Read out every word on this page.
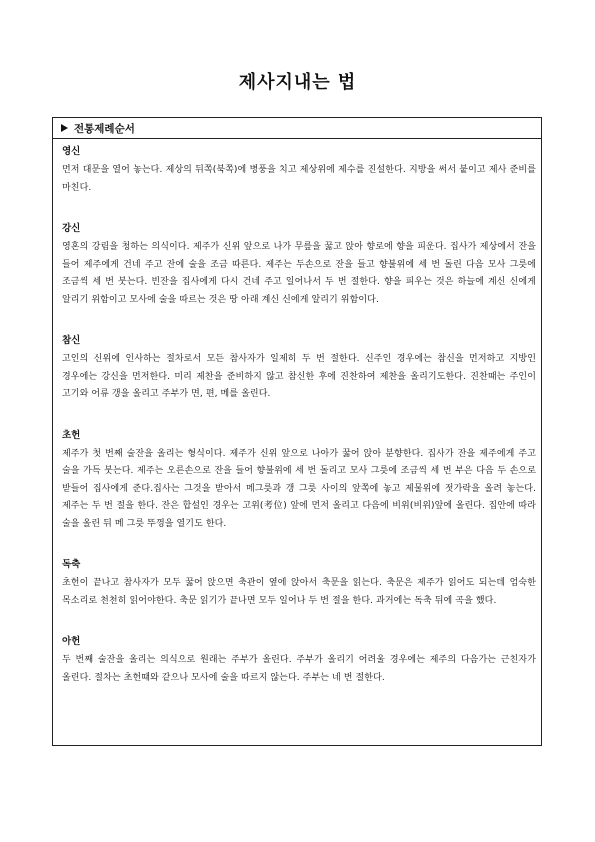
제사지내는 법
전통제례순서
영신

먼저 대문을 열어 놓는다. 제상의 뒤쪽(북쪽)에 병풍을 치고 제상위에 제수를 진설한다. 지방을 써서 붙이고 제사 준비를 마친다.

강신

영혼의 강림을 청하는 의식이다. 제주가 신위 앞으로 나가 무릎을 꿇고 앉아 향로에 향을 피운다. 집사가 제상에서 잔을 들어 제주에게 건네 주고 잔에 술을 조금 따른다. 제주는 두손으로 잔을 들고 향불위에 세 번 돌린 다음 모사 그릇에 조금씩 세 번 붓는다. 빈잔을 집사에게 다시 건네 주고 일어나서 두 번 절한다. 향을 피우는 것은 하늘에 계신 신에게 알리기 위함이고 모사에 술을 따르는 것은 땅 아래 계신 신에게 알리기 위함이다.

참신

고인의 신위에 인사하는 절차로서 모든 참사자가 일제히 두 번 절한다. 신주인 경우에는 참신을 먼저하고 지방인 경우에는 강신을 먼저한다. 미리 제찬을 준비하지 않고 참신한 후에 진찬하여 제찬을 올리기도한다. 진찬때는 주인이 고기와 어류 갱을 올리고 주부가 면, 편, 메를 올린다.

초헌

제주가 첫 번째 술잔을 올리는 형식이다. 제주가 신위 앞으로 나아가 꿇어 앉아 분향한다. 집사가 잔을 제주에게 주고 술을 가득 붓는다. 제주는 오른손으로 잔을 들어 향불위에 세 번 돌리고 모사 그릇에 조금씩 세 번 부은 다음 두 손으로 받들어 집사에게 준다.집사는 그것을 받아서 메그릇과 갱 그릇 사이의 앞쪽에 놓고 제물위에 젓가락을 올려 놓는다. 제주는 두 번 절을 한다. 잔은 합설인 경우는 고위(考位) 앞에 먼저 올리고 다음에 비위(비위)앞에 올린다. 집안에 따라 술을 올린 뒤 메 그릇 뚜껑을 열기도 한다.

독축

초헌이 끝나고 참사자가 모두 꿇어 앉으면 축관이 옆에 앉아서 축문을 읽는다. 축문은 제주가 읽어도 되는데 엄숙한 목소리로 천천히 읽어야한다. 축문 읽기가 끝나면 모두 일어나 두 번 절을 한다. 과거에는 독축 뒤에 곡을 했다.

아헌

두 번째 술잔을 올리는 의식으로 원래는 주부가 올린다. 주부가 올리기 어려울 경우에는 제주의 다음가는 근친자가 올린다. 절차는 초헌때와 같으나 모사에 술을 따르지 않는다. 주부는 네 번 절한다.
